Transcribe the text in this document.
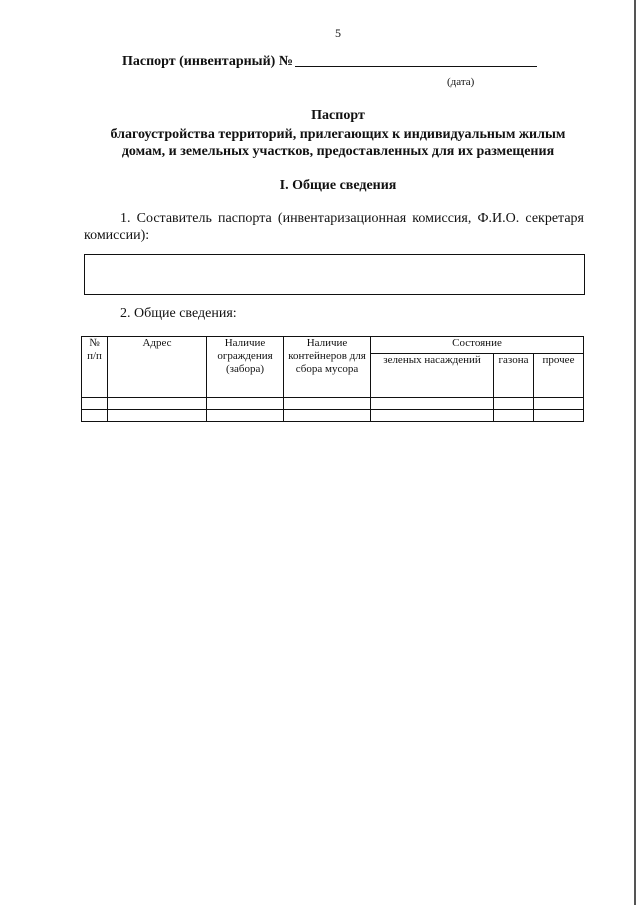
5
Паспорт (инвентарный) №
(дата)
Паспорт
благоустройства территорий, прилегающих к индивидуальным жилым
домам, и земельных участков, предоставленных для их размещения
I. Общие сведения
1. Составитель паспорта (инвентаризационная комиссия, Ф.И.О. секретаря комиссии):
2. Общие сведения:
№ п/п	Адрес	Наличие ограждения (забора)	Наличие контейнеров для сбора мусора	Состояние		
				зеленых насаждений	газона	прочее
